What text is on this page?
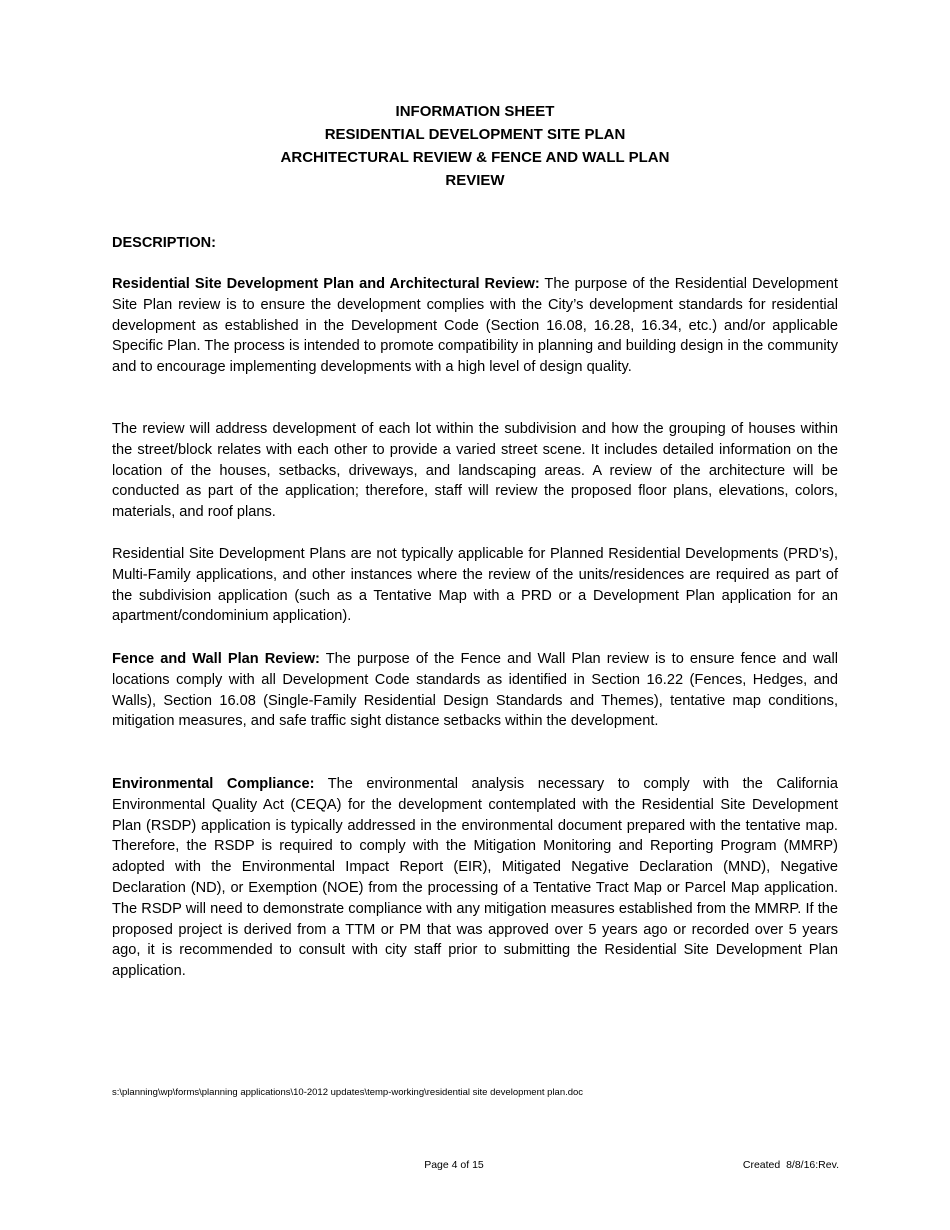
INFORMATION SHEET
RESIDENTIAL DEVELOPMENT SITE PLAN
ARCHITECTURAL REVIEW & FENCE AND WALL PLAN
REVIEW
DESCRIPTION:
Residential Site Development Plan and Architectural Review: The purpose of the Residential Development Site Plan review is to ensure the development complies with the City’s development standards for residential development as established in the Development Code (Section 16.08, 16.28, 16.34, etc.) and/or applicable Specific Plan. The process is intended to promote compatibility in planning and building design in the community and to encourage implementing developments with a high level of design quality.
The review will address development of each lot within the subdivision and how the grouping of houses within the street/block relates with each other to provide a varied street scene. It includes detailed information on the location of the houses, setbacks, driveways, and landscaping areas. A review of the architecture will be conducted as part of the application; therefore, staff will review the proposed floor plans, elevations, colors, materials, and roof plans.
Residential Site Development Plans are not typically applicable for Planned Residential Developments (PRD’s), Multi-Family applications, and other instances where the review of the units/residences are required as part of the subdivision application (such as a Tentative Map with a PRD or a Development Plan application for an apartment/condominium application).
Fence and Wall Plan Review: The purpose of the Fence and Wall Plan review is to ensure fence and wall locations comply with all Development Code standards as identified in Section 16.22 (Fences, Hedges, and Walls), Section 16.08 (Single-Family Residential Design Standards and Themes), tentative map conditions, mitigation measures, and safe traffic sight distance setbacks within the development.
Environmental Compliance: The environmental analysis necessary to comply with the California Environmental Quality Act (CEQA) for the development contemplated with the Residential Site Development Plan (RSDP) application is typically addressed in the environmental document prepared with the tentative map. Therefore, the RSDP is required to comply with the Mitigation Monitoring and Reporting Program (MMRP) adopted with the Environmental Impact Report (EIR), Mitigated Negative Declaration (MND), Negative Declaration (ND), or Exemption (NOE) from the processing of a Tentative Tract Map or Parcel Map application. The RSDP will need to demonstrate compliance with any mitigation measures established from the MMRP. If the proposed project is derived from a TTM or PM that was approved over 5 years ago or recorded over 5 years ago, it is recommended to consult with city staff prior to submitting the Residential Site Development Plan application.
s:\planning\wp\forms\planning applications\10-2012 updates\temp-working\residential site development plan.doc
Page 4 of 15	Created  8/8/16:Rev.
